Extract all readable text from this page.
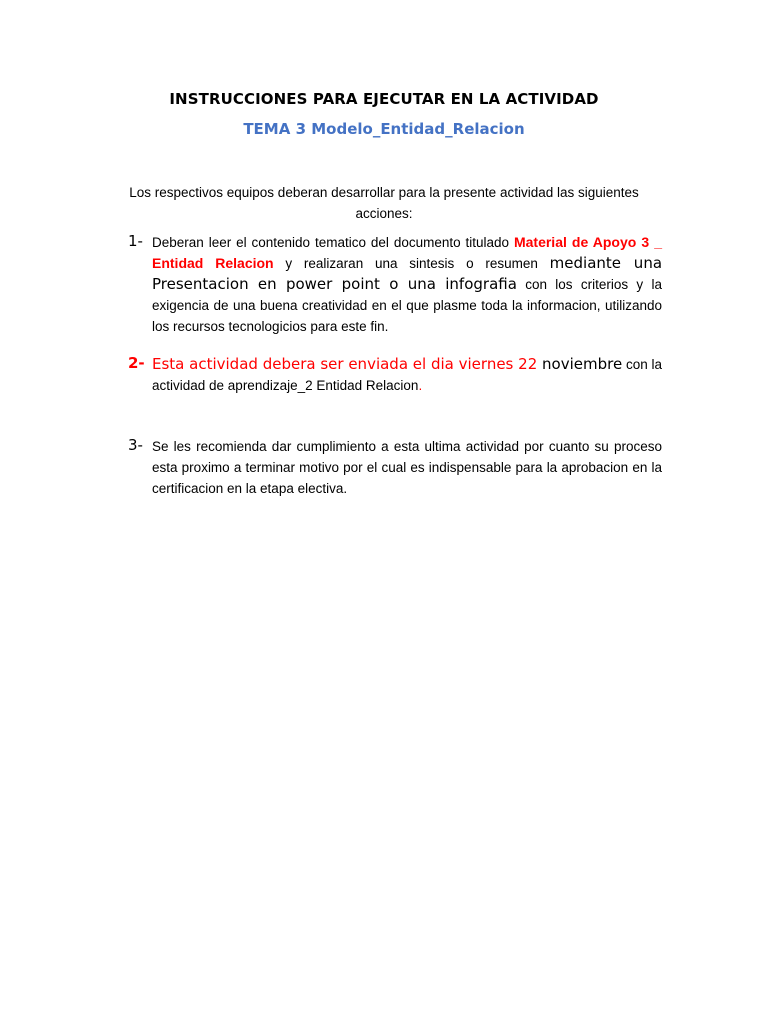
INSTRUCCIONES PARA EJECUTAR EN LA ACTIVIDAD
TEMA 3 Modelo_Entidad_Relacion
Los respectivos equipos deberan desarrollar para la presente actividad las siguientes acciones:
1- Deberan leer el contenido tematico del documento titulado Material de Apoyo 3 _ Entidad Relacion y realizaran una sintesis o resumen mediante una Presentacion en power point o una infografia con los criterios y la exigencia de una buena creatividad en el que plasme toda la informacion, utilizando los recursos tecnologicios para este fin.
2- Esta actividad debera ser enviada el dia viernes 22 noviembre con la actividad de aprendizaje_2 Entidad Relacion.
3- Se les recomienda dar cumplimiento a esta ultima actividad por cuanto su proceso esta proximo a terminar motivo por el cual es indispensable para la aprobacion en la certificacion en la etapa electiva.
